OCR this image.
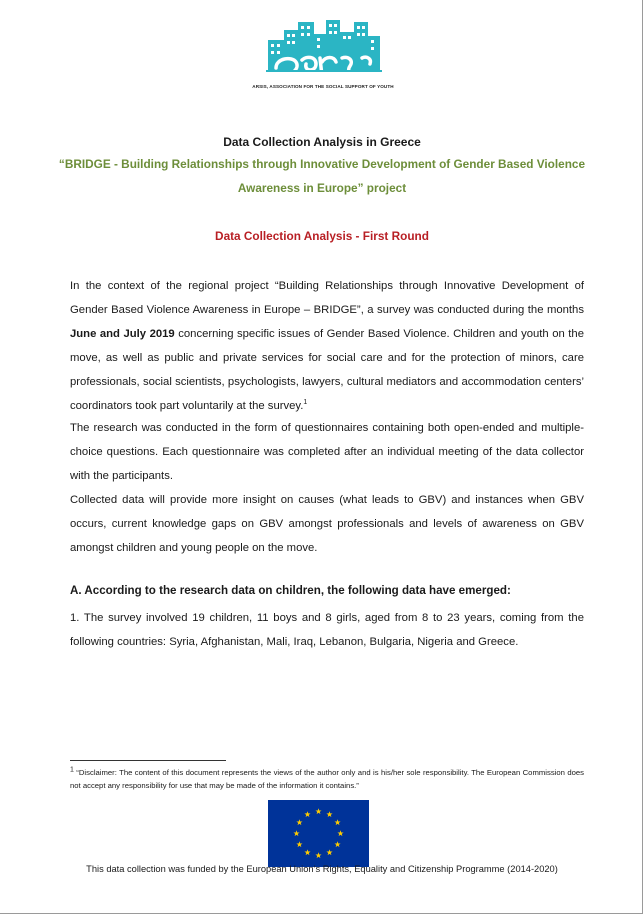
ARSIS, ASSOCIATION FOR THE SOCIAL SUPPORT OF YOUTH
Data Collection Analysis in Greece
“BRIDGE - Building Relationships through Innovative Development of Gender Based Violence
Awareness in Europe” project
Data Collection Analysis - First Round
In the context of the regional project “Building Relationships through Innovative Development of Gender Based Violence Awareness in Europe – BRIDGE”, a survey was conducted during the months June and July 2019 concerning specific issues of Gender Based Violence. Children and youth on the move, as well as public and private services for social care and for the protection of minors, care professionals, social scientists, psychologists, lawyers, cultural mediators and accommodation centers’ coordinators took part voluntarily at the survey.$^1$
The research was conducted in the form of questionnaires containing both open-ended and multiple-choice questions. Each questionnaire was completed after an individual meeting of the data collector with the participants.
Collected data will provide more insight on causes (what leads to GBV) and instances when GBV occurs, current knowledge gaps on GBV amongst professionals and levels of awareness on GBV amongst children and young people on the move.
A. According to the research data on children, the following data have emerged:
1. The survey involved 19 children, 11 boys and 8 girls, aged from 8 to 23 years, coming from the following countries: Syria, Afghanistan, Mali, Iraq, Lebanon, Bulgaria, Nigeria and Greece.
$^1$ “Disclaimer: The content of this document represents the views of the author only and is his/her sole responsibility. The European Commission does not accept any responsibility for use that may be made of the information it contains.”
This data collection was funded by the European Union’s Rights, Equality and Citizenship Programme (2014-2020)
